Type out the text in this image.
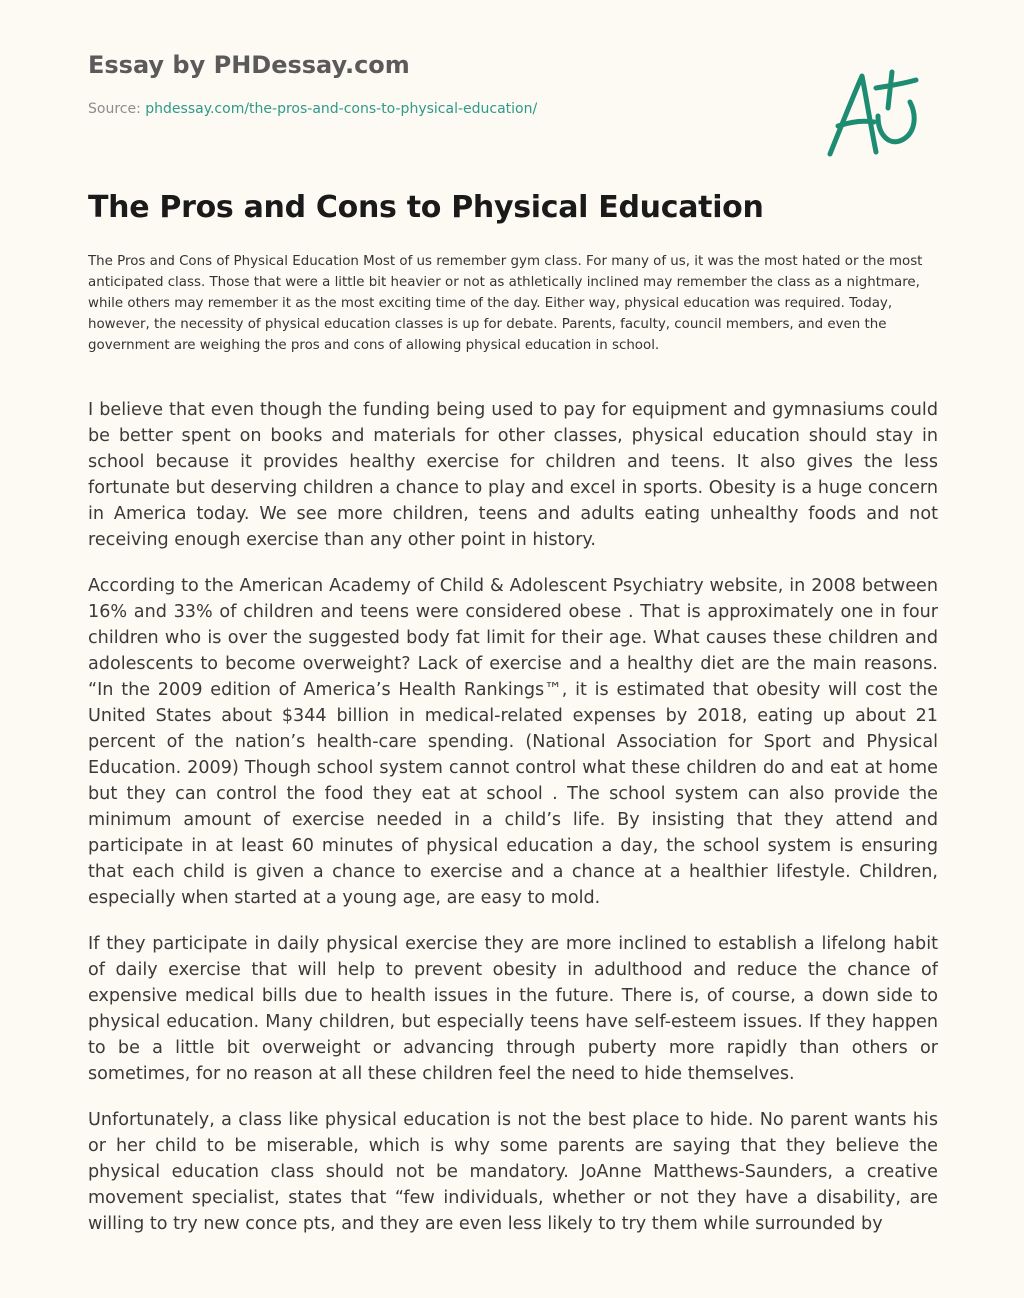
Essay by PHDessay.com
Source: phdessay.com/the-pros-and-cons-to-physical-education/
The Pros and Cons to Physical Education

The Pros and Cons of Physical Education Most of us remember gym class. For many of us, it was the most hated or the most anticipated class. Those that were a little bit heavier or not as athletically inclined may remember the class as a nightmare, while others may remember it as the most exciting time of the day. Either way, physical education was required. Today, however, the necessity of physical education classes is up for debate. Parents, faculty, council members, and even the government are weighing the pros and cons of allowing physical education in school.

I believe that even though the funding being used to pay for equipment and gymnasiums could be better spent on books and materials for other classes, physical education should stay in school because it provides healthy exercise for children and teens. It also gives the less fortunate but deserving children a chance to play and excel in sports. Obesity is a huge concern in America today. We see more children, teens and adults eating unhealthy foods and not receiving enough exercise than any other point in history.

According to the American Academy of Child & Adolescent Psychiatry website, in 2008 between 16% and 33% of children and teens were considered obese . That is approximately one in four children who is over the suggested body fat limit for their age. What causes these children and adolescents to become overweight? Lack of exercise and a healthy diet are the main reasons. “In the 2009 edition of America’s Health Rankings™, it is estimated that obesity will cost the United States about $344 billion in medical-related expenses by 2018, eating up about 21 percent of the nation’s health-care spending. (National Association for Sport and Physical Education. 2009) Though school system cannot control what these children do and eat at home but they can control the food they eat at school . The school system can also provide the minimum amount of exercise needed in a child’s life. By insisting that they attend and participate in at least 60 minutes of physical education a day, the school system is ensuring that each child is given a chance to exercise and a chance at a healthier lifestyle. Children, especially when started at a young age, are easy to mold.

If they participate in daily physical exercise they are more inclined to establish a lifelong habit of daily exercise that will help to prevent obesity in adulthood and reduce the chance of expensive medical bills due to health issues in the future. There is, of course, a down side to physical education. Many children, but especially teens have self-esteem issues. If they happen to be a little bit overweight or advancing through puberty more rapidly than others or sometimes, for no reason at all these children feel the need to hide themselves.

Unfortunately, a class like physical education is not the best place to hide. No parent wants his or her child to be miserable, which is why some parents are saying that they believe the physical education class should not be mandatory. JoAnne Matthews-Saunders, a creative movement specialist, states that “few individuals, whether or not they have a disability, are willing to try new conce pts, and they are even less likely to try them while surrounded by
